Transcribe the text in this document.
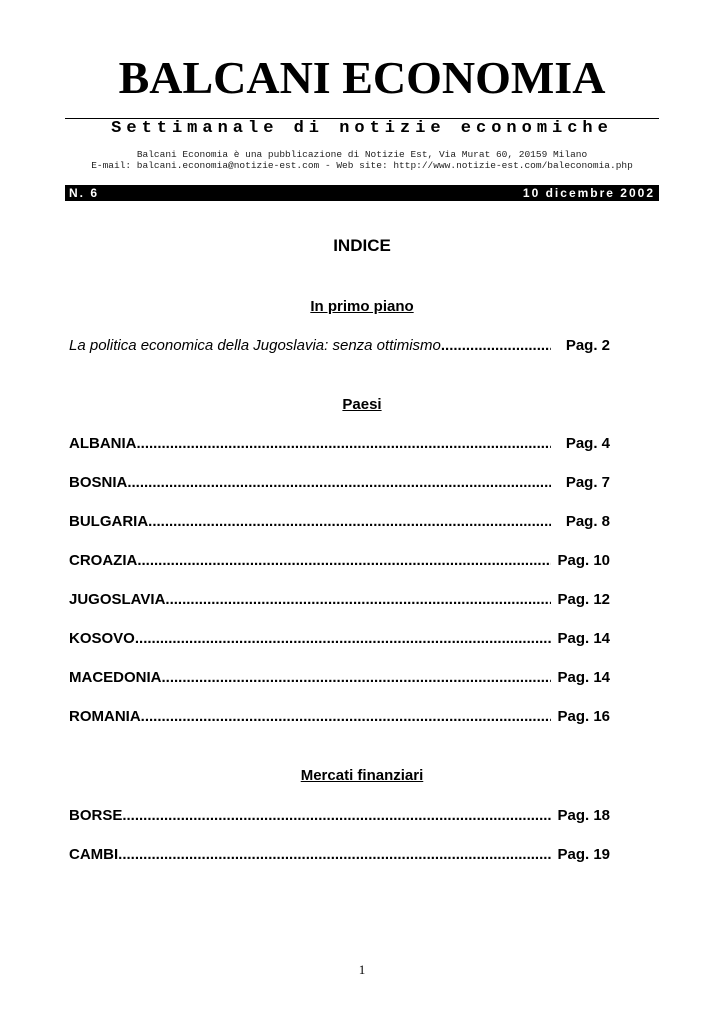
BALCANI ECONOMIA
Settimanale di notizie economiche
Balcani Economia è una pubblicazione di Notizie Est, Via Murat 60, 20159 Milano
E-mail: balcani.economia@notizie-est.com - Web site: http://www.notizie-est.com/baleconomia.php
N. 6	10 dicembre 2002
INDICE
In primo piano
La politica economica della Jugoslavia: senza ottimismo .....	Pag. 2
Paesi
ALBANIA .....	Pag. 4
BOSNIA .....	Pag. 7
BULGARIA .....	Pag. 8
CROAZIA .....	Pag. 10
JUGOSLAVIA .....	Pag. 12
KOSOVO .....	Pag. 14
MACEDONIA .....	Pag. 14
ROMANIA .....	Pag. 16
Mercati finanziari
BORSE .....	Pag. 18
CAMBI .....	Pag. 19
1
